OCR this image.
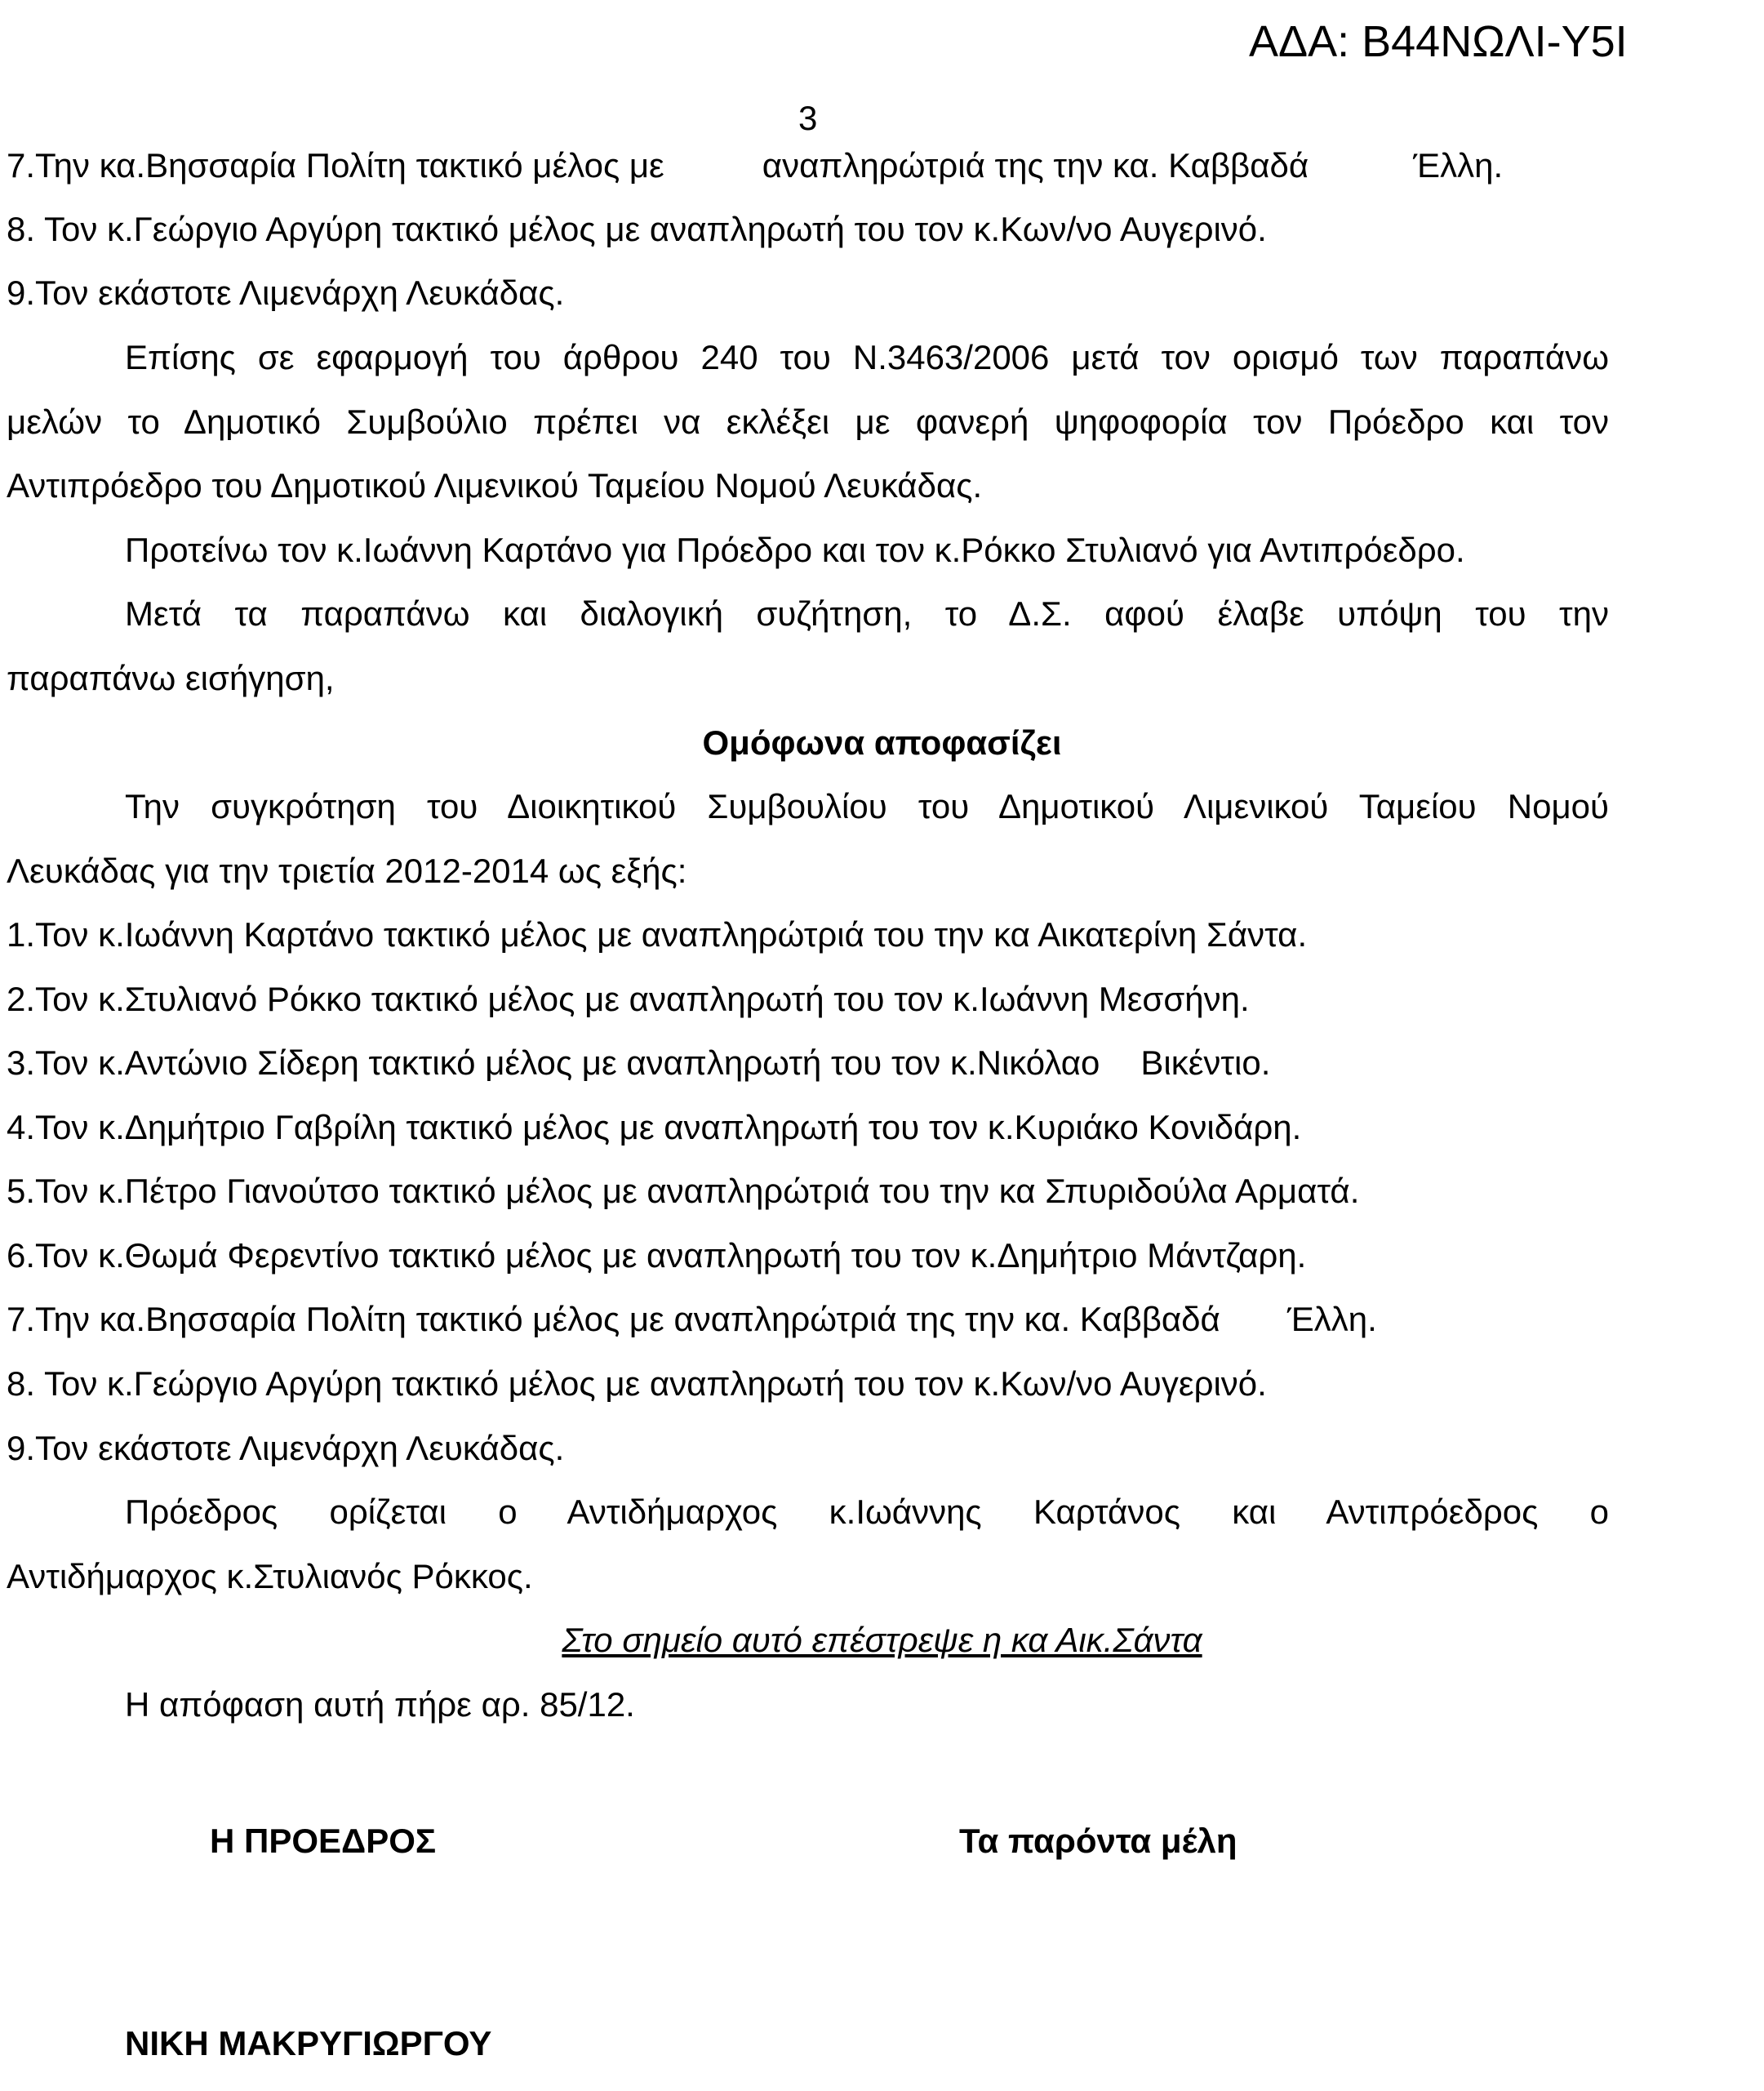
ΑΔΑ: Β44ΝΩΛΙ-Υ5Ι
3
7.Την κα.Βησσαρία Πολίτη τακτικό μέλος με	αναπληρώτριά της την κα. Καββαδά	Έλλη.
8. Τον κ.Γεώργιο Αργύρη τακτικό μέλος με αναπληρωτή του τον κ.Κων/νο Αυγερινό.
9.Τον εκάστοτε Λιμενάρχη Λευκάδας.
Επίσης σε εφαρμογή του άρθρου 240 του Ν.3463/2006 μετά τον ορισμό των παραπάνω
μελών το Δημοτικό Συμβούλιο πρέπει να εκλέξει με φανερή ψηφοφορία τον Πρόεδρο και τον
Αντιπρόεδρο του Δημοτικού Λιμενικού Ταμείου Νομού Λευκάδας.
Προτείνω τον κ.Ιωάννη Καρτάνο για Πρόεδρο και τον κ.Ρόκκο Στυλιανό για Αντιπρόεδρο.
Μετά τα παραπάνω και διαλογική συζήτηση, το Δ.Σ. αφού έλαβε υπόψη του την
παραπάνω εισήγηση,
Ομόφωνα αποφασίζει
Την συγκρότηση του Διοικητικού Συμβουλίου του Δημοτικού Λιμενικού Ταμείου Νομού
Λευκάδας για την τριετία 2012-2014 ως εξής:
1.Τον κ.Ιωάννη Καρτάνο τακτικό μέλος με αναπληρώτριά του την κα Αικατερίνη Σάντα.
2.Τον κ.Στυλιανό Ρόκκο τακτικό μέλος με αναπληρωτή του τον κ.Ιωάννη Μεσσήνη.
3.Τον κ.Αντώνιο Σίδερη τακτικό μέλος με αναπληρωτή του τον κ.Νικόλαο Βικέντιο.
4.Τον κ.Δημήτριο Γαβρίλη τακτικό μέλος με αναπληρωτή του τον κ.Κυριάκο Κονιδάρη.
5.Τον κ.Πέτρο Γιανούτσο τακτικό μέλος με αναπληρώτριά του την κα Σπυριδούλα Αρματά.
6.Τον κ.Θωμά Φερεντίνο τακτικό μέλος με αναπληρωτή του τον κ.Δημήτριο Μάντζαρη.
7.Την κα.Βησσαρία Πολίτη τακτικό μέλος με αναπληρώτριά της την κα. Καββαδά Έλλη.
8. Τον κ.Γεώργιο Αργύρη τακτικό μέλος με αναπληρωτή του τον κ.Κων/νο Αυγερινό.
9.Τον εκάστοτε Λιμενάρχη Λευκάδας.
Πρόεδρος ορίζεται ο Αντιδήμαρχος κ.Ιωάννης Καρτάνος και Αντιπρόεδρος ο
Αντιδήμαρχος κ.Στυλιανός Ρόκκος.
Στο σημείο αυτό επέστρεψε η κα Αικ.Σάντα
Η απόφαση αυτή πήρε αρ. 85/12.
Η ΠΡΟΕΔΡΟΣ	Τα παρόντα μέλη
ΝΙΚΗ ΜΑΚΡΥΓΙΩΡΓΟΥ
